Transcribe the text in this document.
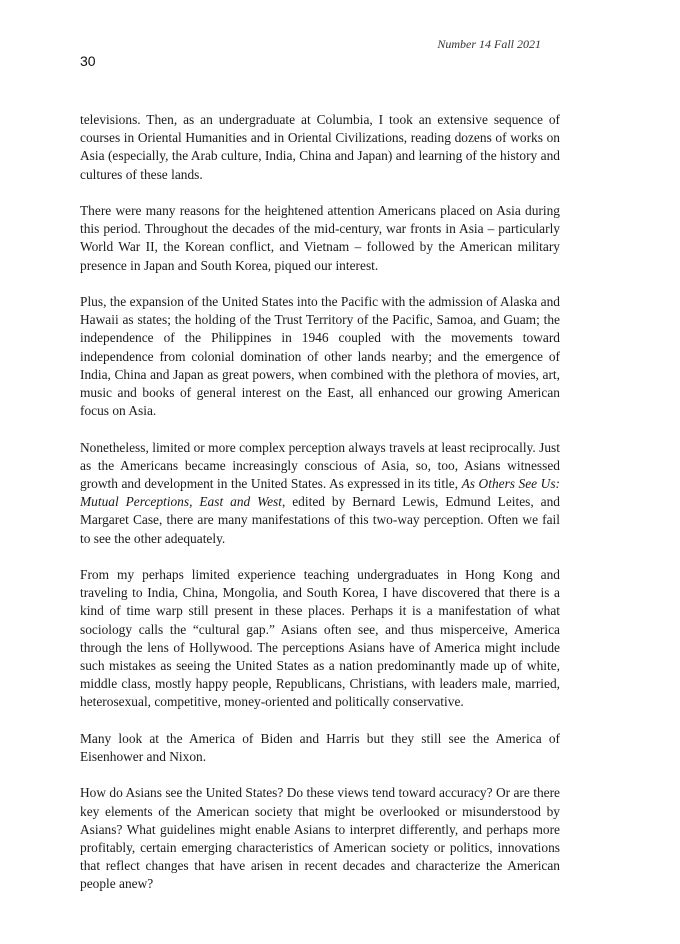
Number 14 Fall 2021
30

televisions. Then, as an undergraduate at Columbia, I took an extensive sequence of courses in Oriental Humanities and in Oriental Civilizations, reading dozens of works on Asia (especially, the Arab culture, India, China and Japan) and learning of the history and cultures of these lands.

There were many reasons for the heightened attention Americans placed on Asia during this period. Throughout the decades of the mid-century, war fronts in Asia – particularly World War II, the Korean conflict, and Vietnam – followed by the American military presence in Japan and South Korea, piqued our interest.

Plus, the expansion of the United States into the Pacific with the admission of Alaska and Hawaii as states; the holding of the Trust Territory of the Pacific, Samoa, and Guam; the independence of the Philippines in 1946 coupled with the movements toward independence from colonial domination of other lands nearby; and the emergence of India, China and Japan as great powers, when combined with the plethora of movies, art, music and books of general interest on the East, all enhanced our growing American focus on Asia.

Nonetheless, limited or more complex perception always travels at least reciprocally. Just as the Americans became increasingly conscious of Asia, so, too, Asians witnessed growth and development in the United States. As expressed in its title, As Others See Us: Mutual Perceptions, East and West, edited by Bernard Lewis, Edmund Leites, and Margaret Case, there are many manifestations of this two-way perception. Often we fail to see the other adequately.

From my perhaps limited experience teaching undergraduates in Hong Kong and traveling to India, China, Mongolia, and South Korea, I have discovered that there is a kind of time warp still present in these places. Perhaps it is a manifestation of what sociology calls the “cultural gap.” Asians often see, and thus misperceive, America through the lens of Hollywood. The perceptions Asians have of America might include such mistakes as seeing the United States as a nation predominantly made up of white, middle class, mostly happy people, Republicans, Christians, with leaders male, married, heterosexual, competitive, money-oriented and politically conservative.

Many look at the America of Biden and Harris but they still see the America of Eisenhower and Nixon.

How do Asians see the United States? Do these views tend toward accuracy? Or are there key elements of the American society that might be overlooked or misunderstood by Asians? What guidelines might enable Asians to interpret differently, and perhaps more profitably, certain emerging characteristics of American society or politics, innovations that reflect changes that have arisen in recent decades and characterize the American people anew?
